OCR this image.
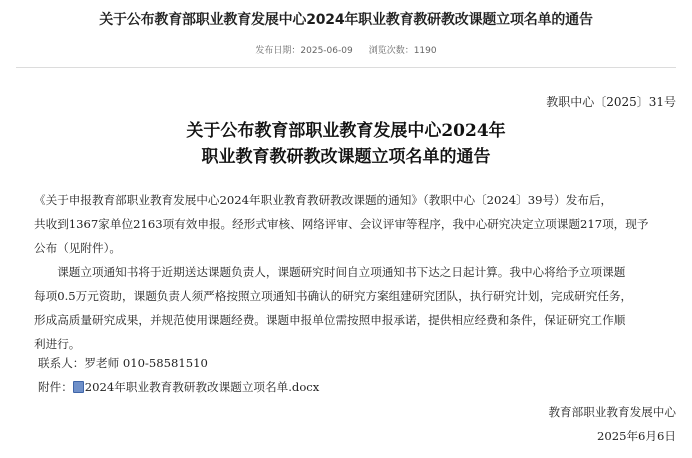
关于公布教育部职业教育发展中心2024年职业教育教研教改课题立项名单的通告
发布日期：2025-06-09 浏览次数：1190
教职中心〔2025〕31号
关于公布教育部职业教育发展中心2024年
职业教育教研教改课题立项名单的通告
《关于申报教育部职业教育发展中心2024年职业教育教研教改课题的通知》（教职中心〔2024〕39号）发布后，
共收到1367家单位2163项有效申报。经形式审核、网络评审、会议评审等程序，我中心研究决定立项课题217项，现予
公布（见附件）。
课题立项通知书将于近期送达课题负责人，课题研究时间自立项通知书下达之日起计算。我中心将给予立项课题
每项0.5万元资助，课题负责人须严格按照立项通知书确认的研究方案组建研究团队，执行研究计划，完成研究任务，
形成高质量研究成果，并规范使用课题经费。课题申报单位需按照申报承诺，提供相应经费和条件，保证研究工作顺
利进行。
联系人：罗老师 010-58581510
附件： 2024年职业教育教研教改课题立项名单.docx
教育部职业教育发展中心
2025年6月6日
